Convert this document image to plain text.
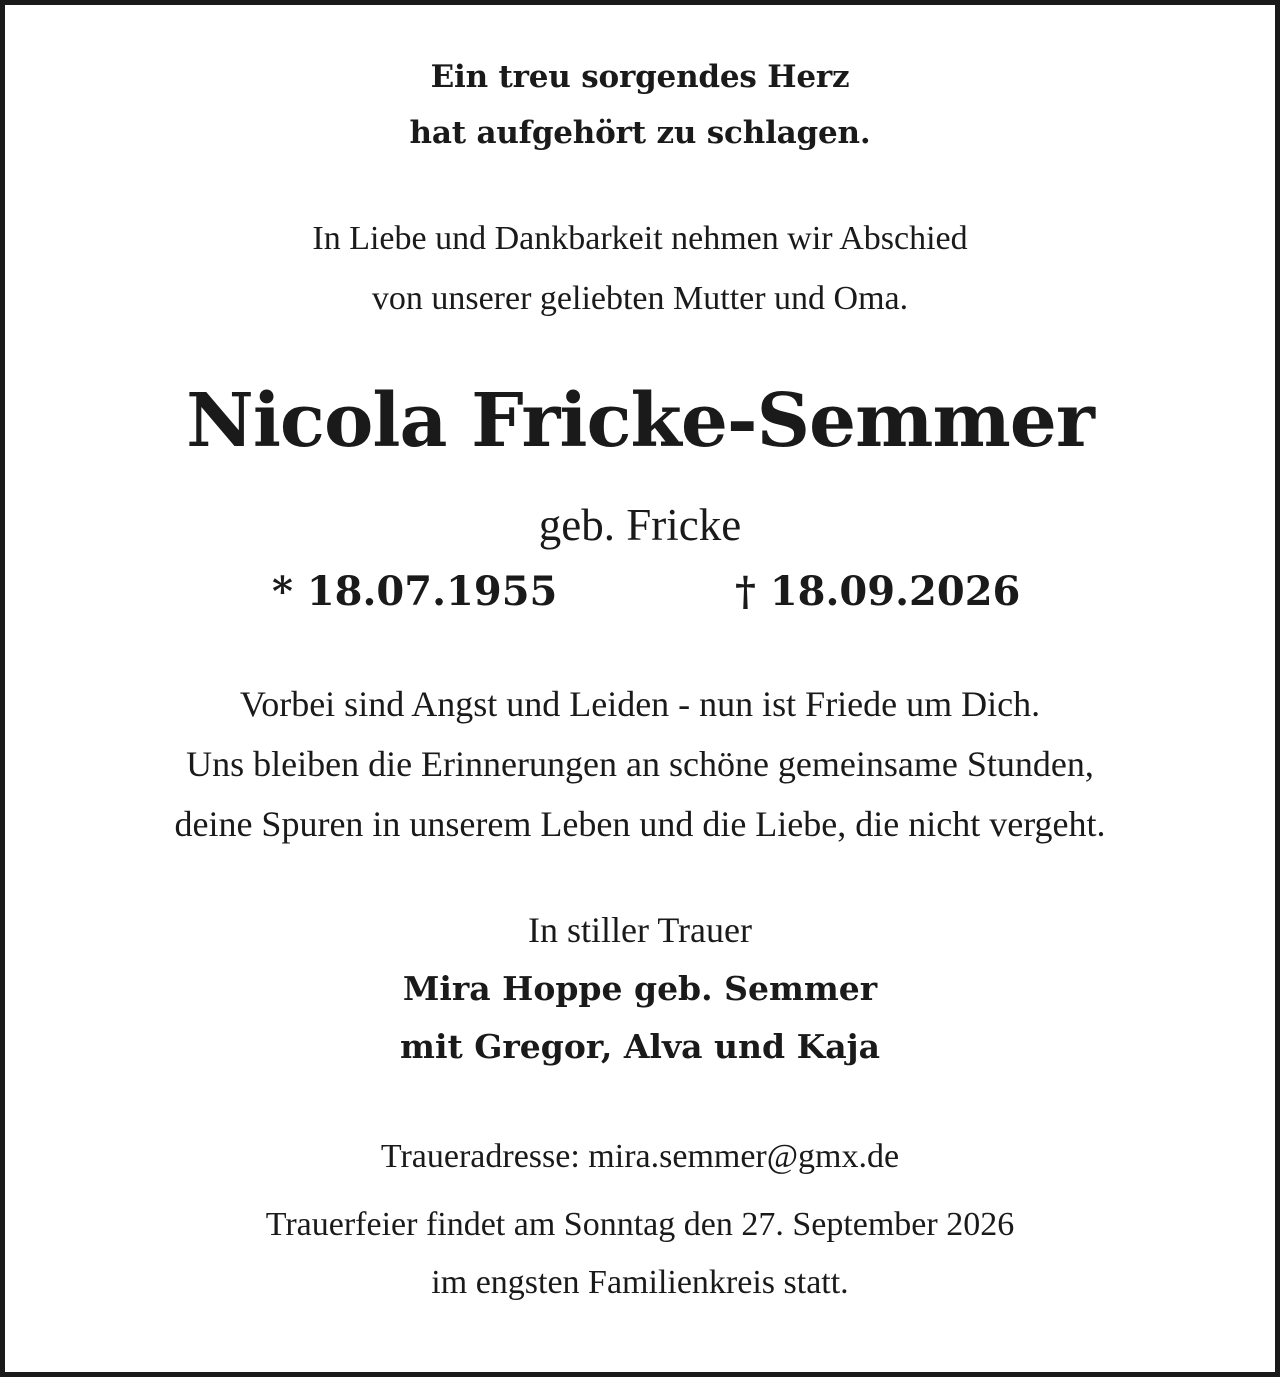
Ein treu sorgendes Herz
hat aufgehört zu schlagen.
In Liebe und Dankbarkeit nehmen wir Abschied
von unserer geliebten Mutter und Oma.
Nicola Fricke-Semmer
geb. Fricke
* 18.07.1955	† 18.09.2026
Vorbei sind Angst und Leiden - nun ist Friede um Dich.
Uns bleiben die Erinnerungen an schöne gemeinsame Stunden,
deine Spuren in unserem Leben und die Liebe, die nicht vergeht.
In stiller Trauer
Mira Hoppe geb. Semmer
mit Gregor, Alva und Kaja
Traueradresse: mira.semmer@gmx.de
Trauerfeier findet am Sonntag den 27. September 2026
im engsten Familienkreis statt.
